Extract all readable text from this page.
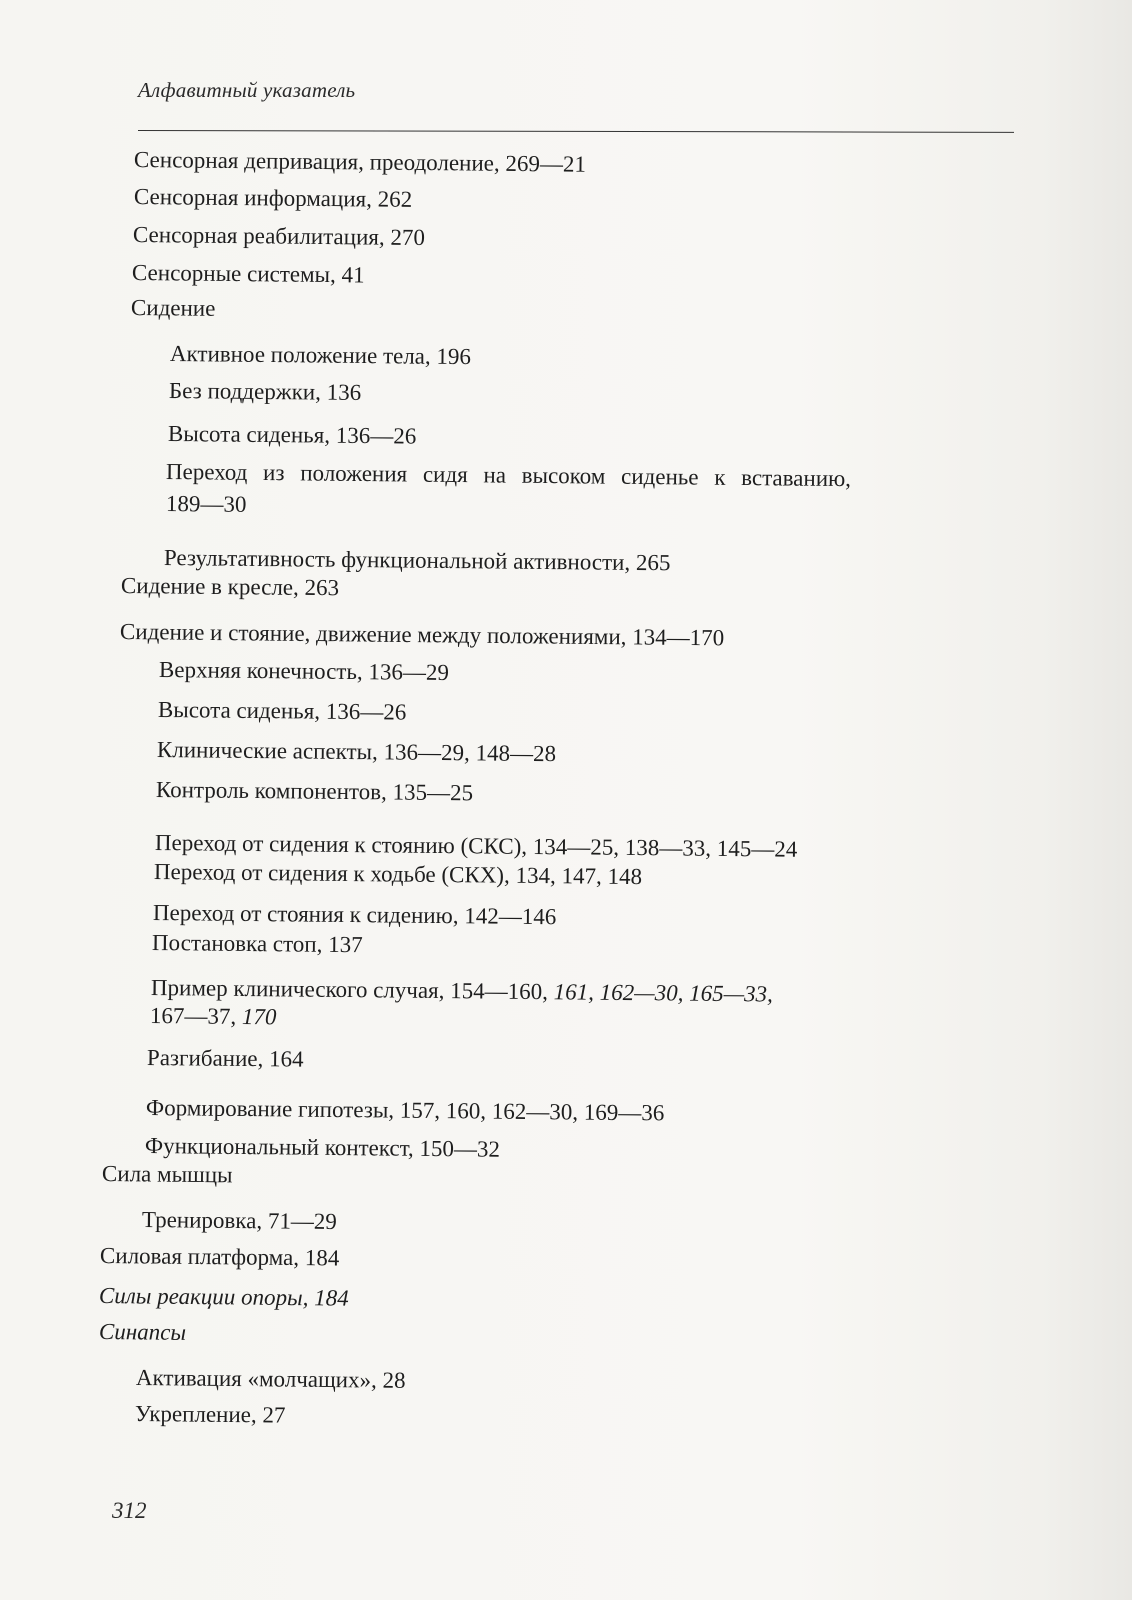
Алфавитный указатель
Сенсорная депривация, преодоление, 269—21
Сенсорная информация, 262
Сенсорная реабилитация, 270
Сенсорные системы, 41
Сидение
Активное положение тела, 196
Без поддержки, 136
Высота сиденья, 136—26
Переход из положения сидя на высоком сиденье к вставанию,
189—30
Результативность функциональной активности, 265
Сидение в кресле, 263
Сидение и стояние, движение между положениями, 134—170
Верхняя конечность, 136—29
Высота сиденья, 136—26
Клинические аспекты, 136—29, 148—28
Контроль компонентов, 135—25
Переход от сидения к стоянию (СКС), 134—25, 138—33, 145—24
Переход от сидения к ходьбе (СКХ), 134, 147, 148
Переход от стояния к сидению, 142—146
Постановка стоп, 137
Пример клинического случая, 154—160, 161, 162—30, 165—33,
167—37, 170
Разгибание, 164
Формирование гипотезы, 157, 160, 162—30, 169—36
Функциональный контекст, 150—32
Сила мышцы
Тренировка, 71—29
Силовая платформа, 184
Силы реакции опоры, 184
Синапсы
Активация «молчащих», 28
Укрепление, 27
312
